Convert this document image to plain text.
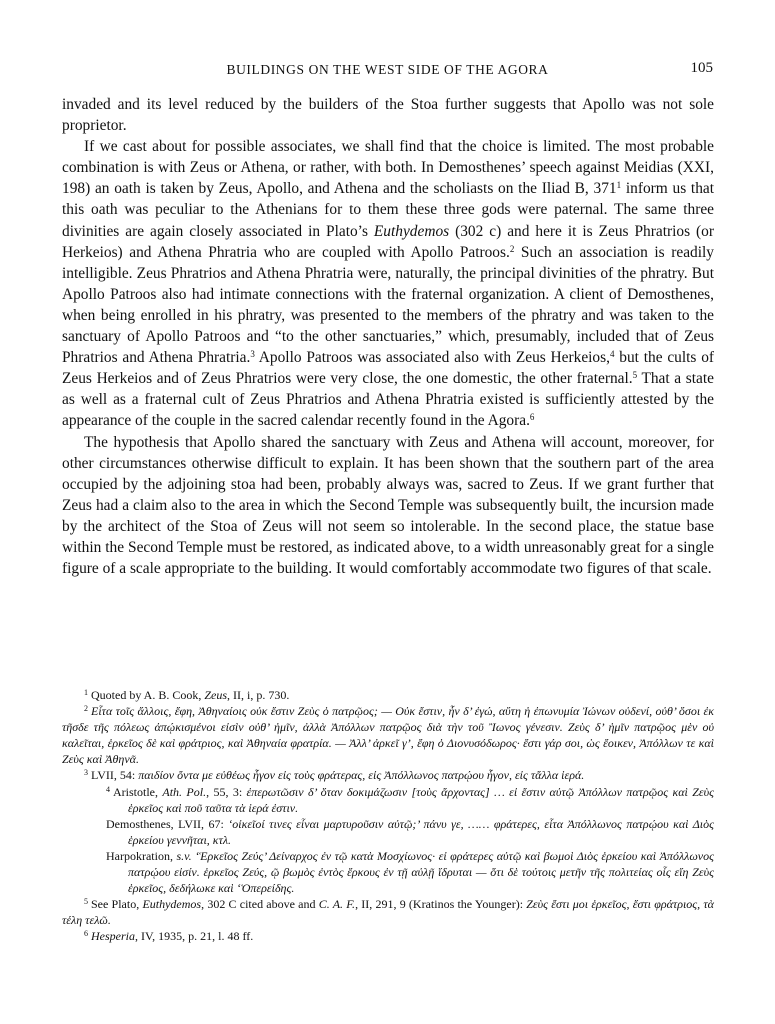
BUILDINGS ON THE WEST SIDE OF THE AGORA	105

invaded and its level reduced by the builders of the Stoa further suggests that Apollo was not sole proprietor.

If we cast about for possible associates, we shall find that the choice is limited. The most probable combination is with Zeus or Athena, or rather, with both. In Demosthenes’ speech against Meidias (XXI, 198) an oath is taken by Zeus, Apollo, and Athena and the scholiasts on the Iliad B, $371^1$ inform us that this oath was peculiar to the Athenians for to them these three gods were paternal. The same three divinities are again closely associated in Plato’s Euthydemos (302 c) and here it is Zeus Phratrios (or Herkeios) and Athena Phratria who are coupled with Apollo Patroos.$^2$ Such an association is readily intelligible. Zeus Phratrios and Athena Phratria were, naturally, the principal divinities of the phratry. But Apollo Patroos also had intimate connections with the fraternal organization. A client of Demosthenes, when being enrolled in his phratry, was presented to the members of the phratry and was taken to the sanctuary of Apollo Patroos and “to the other sanctuaries,” which, presumably, included that of Zeus Phratrios and Athena Phratria.$^3$ Apollo Patroos was associated also with Zeus Herkeios,$^4$ but the cults of Zeus Herkeios and of Zeus Phratrios were very close, the one domestic, the other fraternal.$^5$ That a state as well as a fraternal cult of Zeus Phratrios and Athena Phratria existed is sufficiently attested by the appearance of the couple in the sacred calendar recently found in the Agora.$^6$

The hypothesis that Apollo shared the sanctuary with Zeus and Athena will account, moreover, for other circumstances otherwise difficult to explain. It has been shown that the southern part of the area occupied by the adjoining stoa had been, probably always was, sacred to Zeus. If we grant further that Zeus had a claim also to the area in which the Second Temple was subsequently built, the incursion made by the architect of the Stoa of Zeus will not seem so intolerable. In the second place, the statue base within the Second Temple must be restored, as indicated above, to a width unreasonably great for a single figure of a scale appropriate to the building. It would comfortably accommodate two figures of that scale.

$^1$ Quoted by A. B. Cook, Zeus, II, i, p. 730.
$^2$ Εἶτα τοῖς ἄλλοις, ἔφη, Ἀθηναίοις οὐκ ἔστιν Ζεὺς ὁ πατρῷος; — Οὐκ ἔστιν, ἦν δ’ ἐγώ, αὕτη ἡ ἐπωνυμία Ἰώνων οὐδενί, οὐθ’ ὅσοι ἐκ τῆσδε τῆς πόλεως ἀπῴκισμένοι εἰσὶν οὐθ’ ἡμῖν, ἀλλὰ Ἀπόλλων πατρῷος διὰ τὴν τοῦ Ἲωνος γένεσιν. Ζεὺς δ’ ἡμῖν πατρῷος μὲν οὐ καλεῖται, ἑρκεῖος δὲ καὶ φράτριος, καὶ Ἀθηναία φρατρία. — Ἀλλ’ ἀρκεῖ γ’, ἔφη ὁ Διονυσόδωρος· ἔστι γάρ σοι, ὡς ἔοικεν, Ἀπόλλων τε καὶ Ζεὺς καὶ Ἀθηνᾶ.
$^3$ LVII, 54: παιδίον ὄντα με εὐθέως ἦγον εἰς τοὺς φράτερας, εἰς Ἀπόλλωνος πατρῴου ἦγον, εἰς τἄλλα ἱερά.
$^4$ Aristotle, Ath. Pol., 55, 3: ἐπερωτῶσιν δ’ ὅταν δοκιμάζωσιν [τοὺς ἄρχοντας] … εἰ ἔστιν αὐτῷ Ἀπόλλων πατρῷος καὶ Ζεὺς ἑρκεῖος καὶ ποῦ ταῦτα τὰ ἱερά ἐστιν.
Demosthenes, LVII, 67: ‘οἰκεῖοί τινες εἶναι μαρτυροῦσιν αὐτῷ;’ πάνυ γε, …… φράτερες, εἶτα Ἀπόλλωνος πατρῴου καὶ Διὸς ἑρκείου γεννῆται, κτλ.
Harpokration, s.v. ‘Ἑρκεῖος Ζεύς’ Δείναρχος ἐν τῷ κατὰ Μοσχίωνος· εἰ φράτερες αὐτῷ καὶ βωμοὶ Διὸς ἑρκείου καὶ Ἀπόλλωνος πατρῴου εἰσίν. ἑρκεῖος Ζεύς, ῷ βωμὸς ἐντὸς ἕρκους ἐν τῇ αὐλῇ ἵδρυται — ὅτι δὲ τούτοις μετῆν τῆς πολιτείας οἷς εἴη Ζεὺς ἑρκεῖος, δεδήλωκε καὶ ‘Ὁπερείδης.
$^5$ See Plato, Euthydemos, 302 C cited above and C. A. F., II, 291, 9 (Kratinos the Younger): Ζεὺς ἔστι μοι ἑρκεῖος, ἔστι φράτριος, τὰ τέλη τελῶ.
$^6$ Hesperia, IV, 1935, p. 21, l. 48 ff.
